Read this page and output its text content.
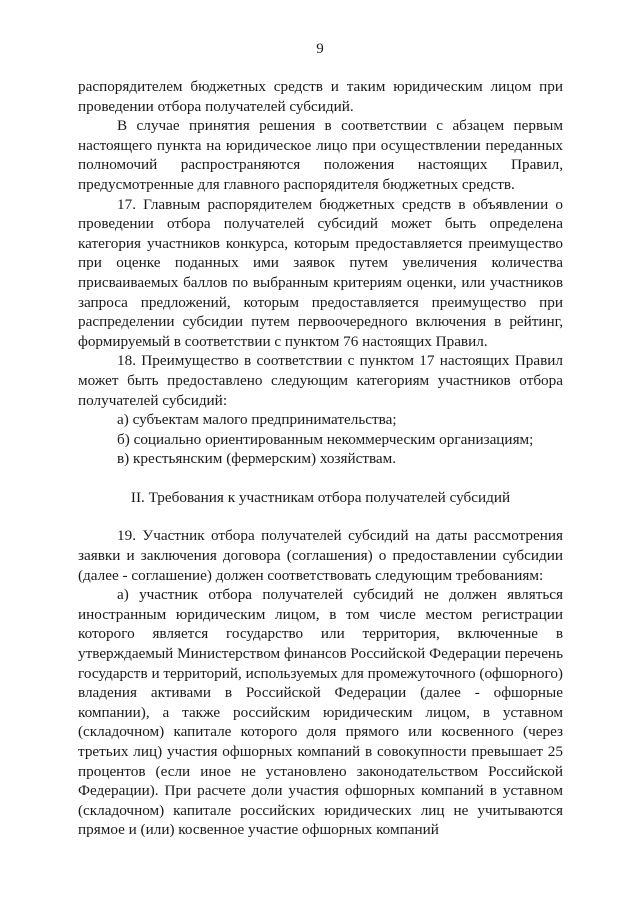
9

распорядителем бюджетных средств и таким юридическим лицом при проведении отбора получателей субсидий.

В случае принятия решения в соответствии с абзацем первым настоящего пункта на юридическое лицо при осуществлении переданных полномочий распространяются положения настоящих Правил, предусмотренные для главного распорядителя бюджетных средств.

17. Главным распорядителем бюджетных средств в объявлении о проведении отбора получателей субсидий может быть определена категория участников конкурса, которым предоставляется преимущество при оценке поданных ими заявок путем увеличения количества присваиваемых баллов по выбранным критериям оценки, или участников запроса предложений, которым предоставляется преимущество при распределении субсидии путем первоочередного включения в рейтинг, формируемый в соответствии с пунктом 76 настоящих Правил.

18. Преимущество в соответствии с пунктом 17 настоящих Правил может быть предоставлено следующим категориям участников отбора получателей субсидий:

а) субъектам малого предпринимательства;

б) социально ориентированным некоммерческим организациям;

в) крестьянским (фермерским) хозяйствам.

II. Требования к участникам отбора получателей субсидий

19. Участник отбора получателей субсидий на даты рассмотрения заявки и заключения договора (соглашения) о предоставлении субсидии (далее - соглашение) должен соответствовать следующим требованиям:

а) участник отбора получателей субсидий не должен являться иностранным юридическим лицом, в том числе местом регистрации которого является государство или территория, включенные в утверждаемый Министерством финансов Российской Федерации перечень государств и территорий, используемых для промежуточного (офшорного) владения активами в Российской Федерации (далее - офшорные компании), а также российским юридическим лицом, в уставном (складочном) капитале которого доля прямого или косвенного (через третьих лиц) участия офшорных компаний в совокупности превышает 25 процентов (если иное не установлено законодательством Российской Федерации). При расчете доли участия офшорных компаний в уставном (складочном) капитале российских юридических лиц не учитываются прямое и (или) косвенное участие офшорных компаний
